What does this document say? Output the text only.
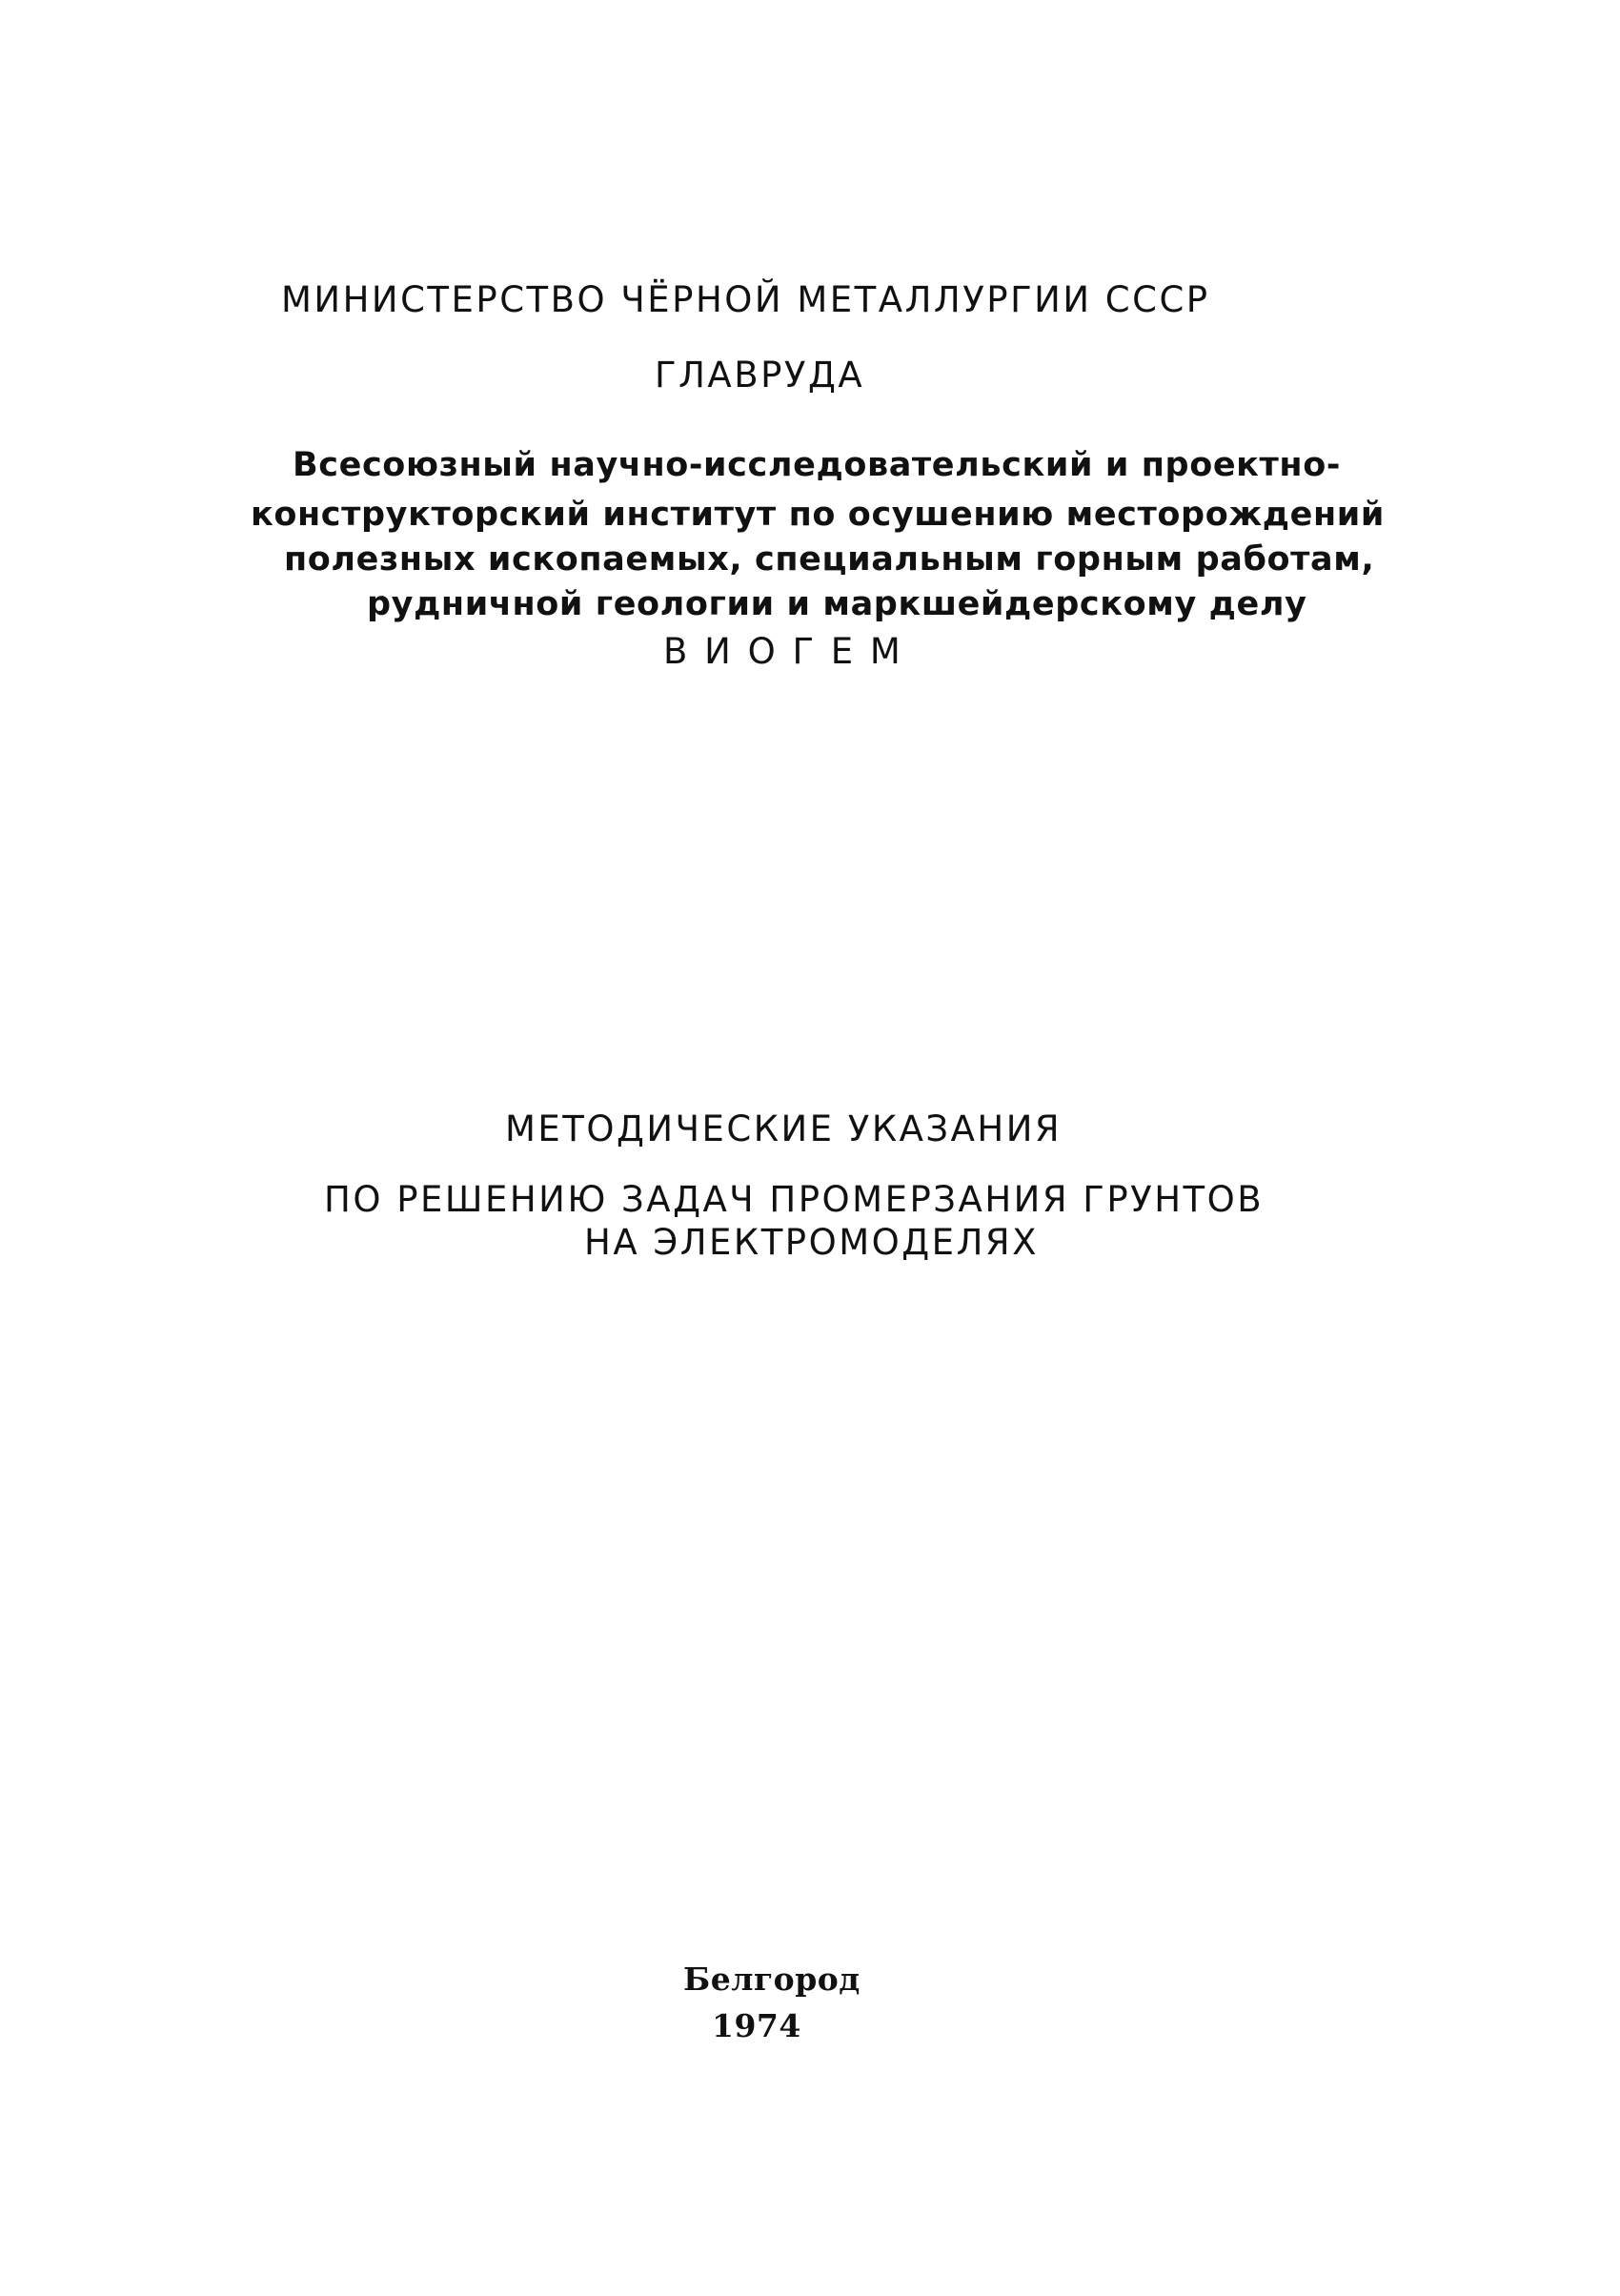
МИНИСТЕРСТВО ЧЁРНОЙ МЕТАЛЛУРГИИ СССР
ГЛАВРУДА
Всесоюзный научно-исследовательский и проектно-
конструкторский институт по осушению месторождений
полезных ископаемых, специальным горным работам,
рудничной геологии и маркшейдерскому делу
В И О Г Е М
МЕТОДИЧЕСКИЕ УКАЗАНИЯ
ПО РЕШЕНИЮ ЗАДАЧ ПРОМЕРЗАНИЯ ГРУНТОВ
НА ЭЛЕКТРОМОДЕЛЯХ
Белгород
1974
